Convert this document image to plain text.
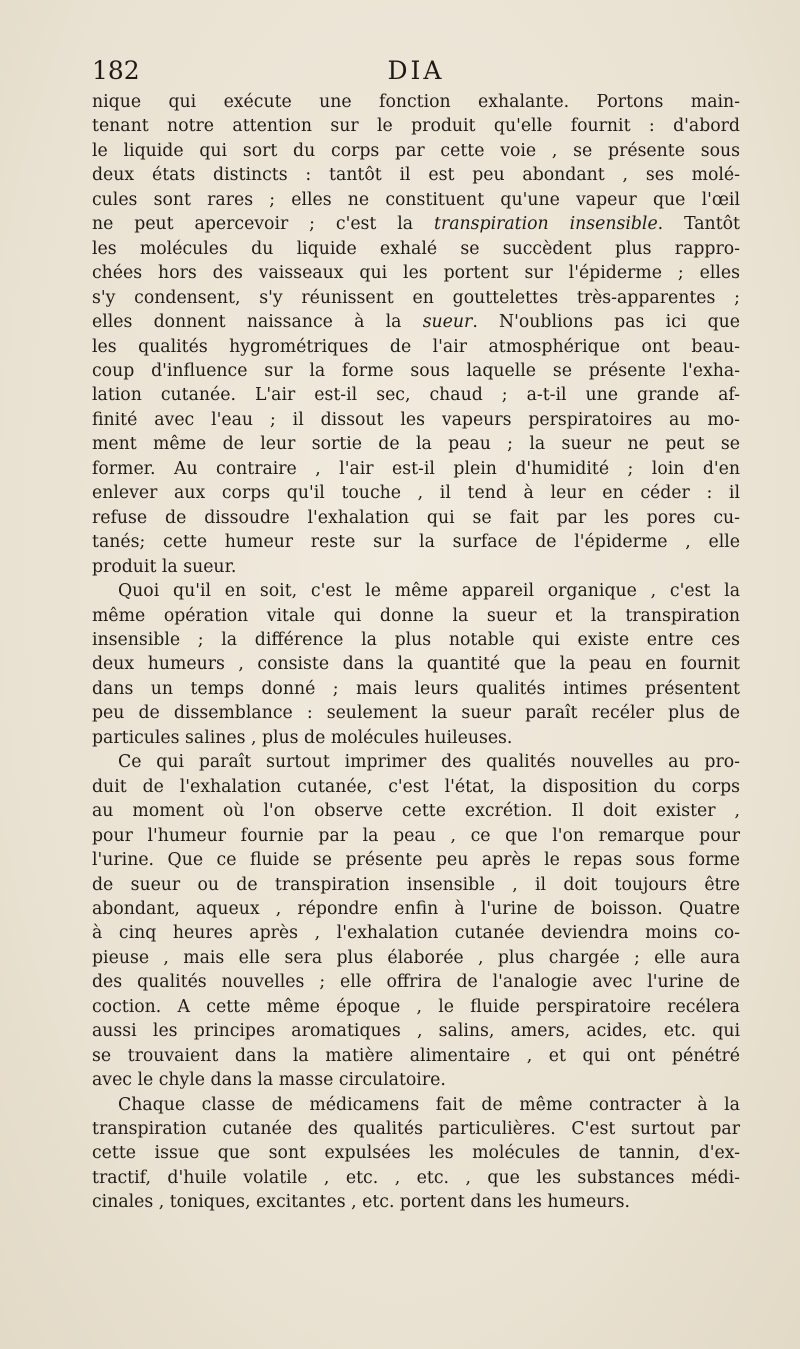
182	DIA

nique qui exécute une fonction exhalante. Portons main-
tenant notre attention sur le produit qu'elle fournit : d'abord
le liquide qui sort du corps par cette voie , se présente sous
deux états distincts : tantôt il est peu abondant , ses molé-
cules sont rares ; elles ne constituent qu'une vapeur que l'œil
ne peut apercevoir ; c'est la transpiration insensible. Tantôt
les molécules du liquide exhalé se succèdent plus rappro-
chées hors des vaisseaux qui les portent sur l'épiderme ; elles
s'y condensent, s'y réunissent en gouttelettes très-apparentes ;
elles donnent naissance à la sueur. N'oublions pas ici que
les qualités hygrométriques de l'air atmosphérique ont beau-
coup d'influence sur la forme sous laquelle se présente l'exha-
lation cutanée. L'air est-il sec, chaud ; a-t-il une grande af-
finité avec l'eau ; il dissout les vapeurs perspiratoires au mo-
ment même de leur sortie de la peau ; la sueur ne peut se
former. Au contraire , l'air est-il plein d'humidité ; loin d'en
enlever aux corps qu'il touche , il tend à leur en céder : il
refuse de dissoudre l'exhalation qui se fait par les pores cu-
tanés; cette humeur reste sur la surface de l'épiderme , elle
produit la sueur.

Quoi qu'il en soit, c'est le même appareil organique , c'est la
même opération vitale qui donne la sueur et la transpiration
insensible ; la différence la plus notable qui existe entre ces
deux humeurs , consiste dans la quantité que la peau en fournit
dans un temps donné ; mais leurs qualités intimes présentent
peu de dissemblance : seulement la sueur paraît recéler plus de
particules salines , plus de molécules huileuses.

Ce qui paraît surtout imprimer des qualités nouvelles au pro-
duit de l'exhalation cutanée, c'est l'état, la disposition du corps
au moment où l'on observe cette excrétion. Il doit exister ,
pour l'humeur fournie par la peau , ce que l'on remarque pour
l'urine. Que ce fluide se présente peu après le repas sous forme
de sueur ou de transpiration insensible , il doit toujours être
abondant, aqueux , répondre enfin à l'urine de boisson. Quatre
à cinq heures après , l'exhalation cutanée deviendra moins co-
pieuse , mais elle sera plus élaborée , plus chargée ; elle aura
des qualités nouvelles ; elle offrira de l'analogie avec l'urine de
coction. A cette même époque , le fluide perspiratoire recélera
aussi les principes aromatiques , salins, amers, acides, etc. qui
se trouvaient dans la matière alimentaire , et qui ont pénétré
avec le chyle dans la masse circulatoire.

Chaque classe de médicamens fait de même contracter à la
transpiration cutanée des qualités particulières. C'est surtout par
cette issue que sont expulsées les molécules de tannin, d'ex-
tractif, d'huile volatile , etc. , etc. , que les substances médi-
cinales , toniques, excitantes , etc. portent dans les humeurs.
